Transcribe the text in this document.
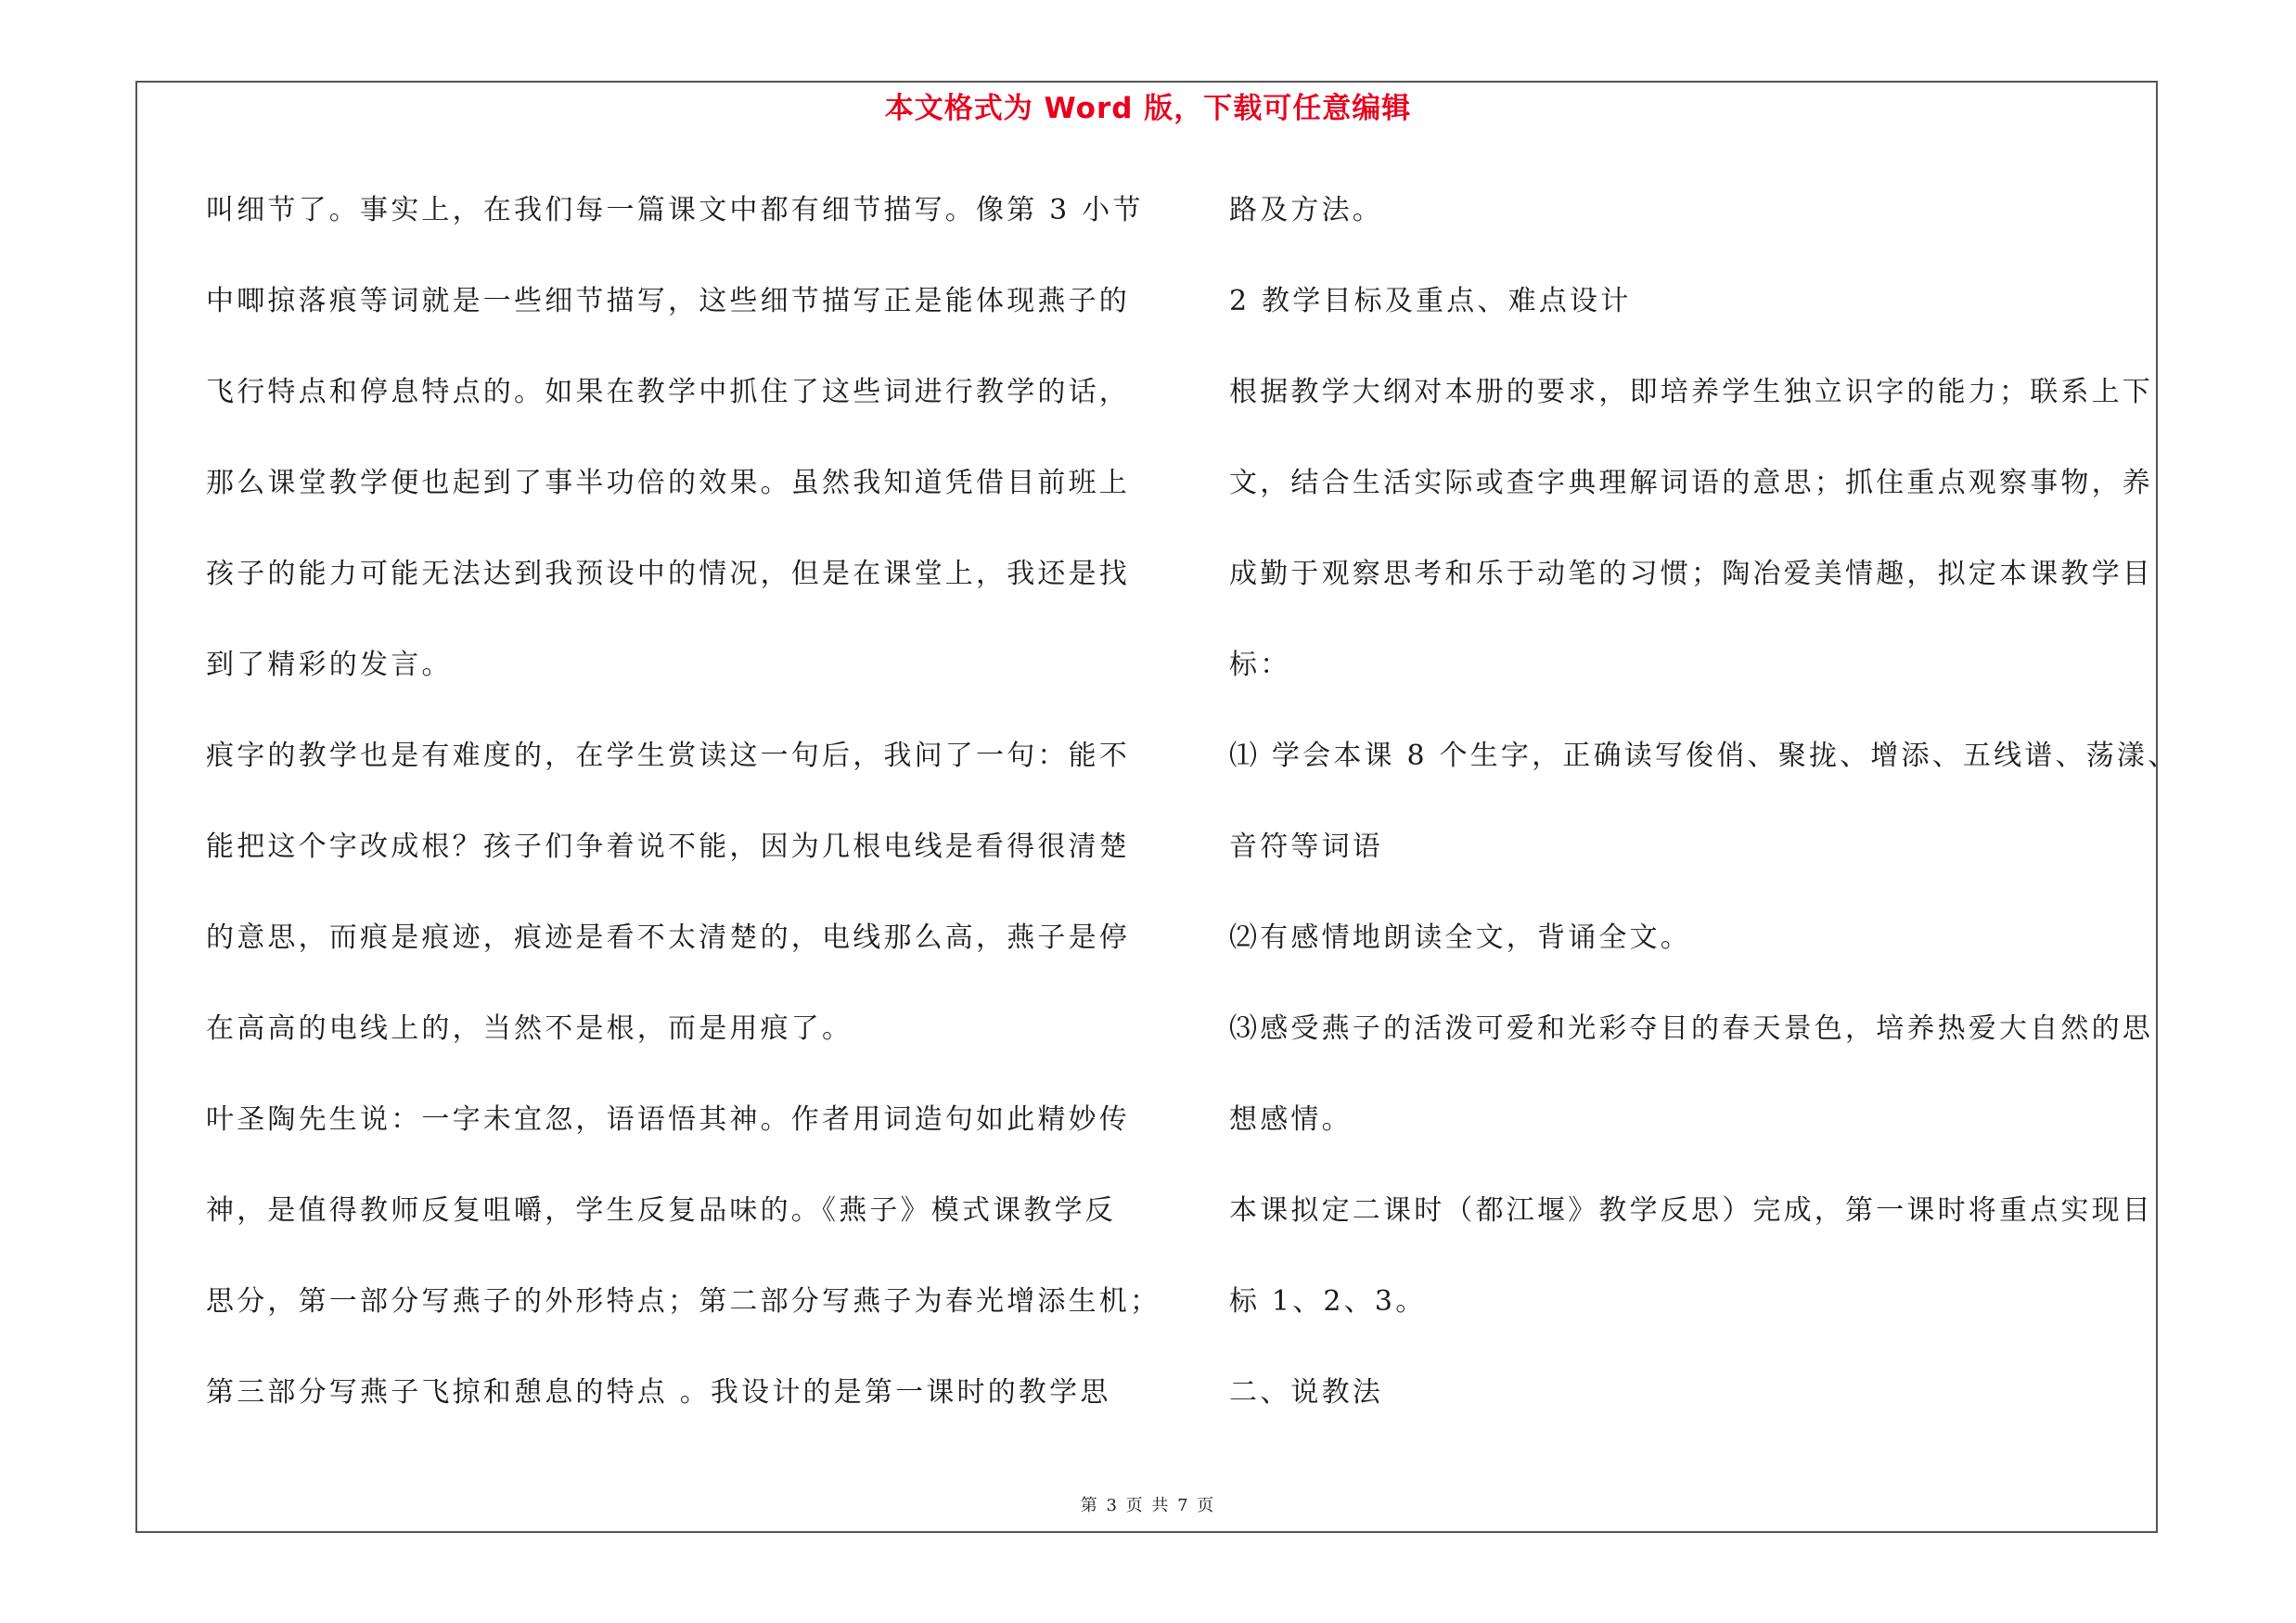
本文格式为 Word 版，下载可任意编辑
叫细节了。事实上，在我们每一篇课文中都有细节描写。像第 3 小节
中唧掠落痕等词就是一些细节描写，这些细节描写正是能体现燕子的
飞行特点和停息特点的。如果在教学中抓住了这些词进行教学的话，
那么课堂教学便也起到了事半功倍的效果。虽然我知道凭借目前班上
孩子的能力可能无法达到我预设中的情况，但是在课堂上，我还是找
到了精彩的发言。
痕字的教学也是有难度的，在学生赏读这一句后，我问了一句：能不
能把这个字改成根？孩子们争着说不能，因为几根电线是看得很清楚
的意思，而痕是痕迹，痕迹是看不太清楚的，电线那么高，燕子是停
在高高的电线上的，当然不是根，而是用痕了。
叶圣陶先生说：一字未宜忽，语语悟其神。作者用词造句如此精妙传
神，是值得教师反复咀嚼，学生反复品味的。《燕子》模式课教学反
思分，第一部分写燕子的外形特点；第二部分写燕子为春光增添生机；
第三部分写燕子飞掠和憩息的特点 。我设计的是第一课时的教学思
路及方法。
2 教学目标及重点、难点设计
根据教学大纲对本册的要求，即培养学生独立识字的能力；联系上下
文，结合生活实际或查字典理解词语的意思；抓住重点观察事物，养
成勤于观察思考和乐于动笔的习惯；陶冶爱美情趣，拟定本课教学目
标：
⑴ 学会本课 8 个生字，正确读写俊俏、聚拢、增添、五线谱、荡漾、
音符等词语
⑵有感情地朗读全文，背诵全文。
⑶感受燕子的活泼可爱和光彩夺目的春天景色，培养热爱大自然的思
想感情。
本课拟定二课时（都江堰》教学反思）完成，第一课时将重点实现目
标 1、2、3。
二、说教法
第 3 页 共 7 页
